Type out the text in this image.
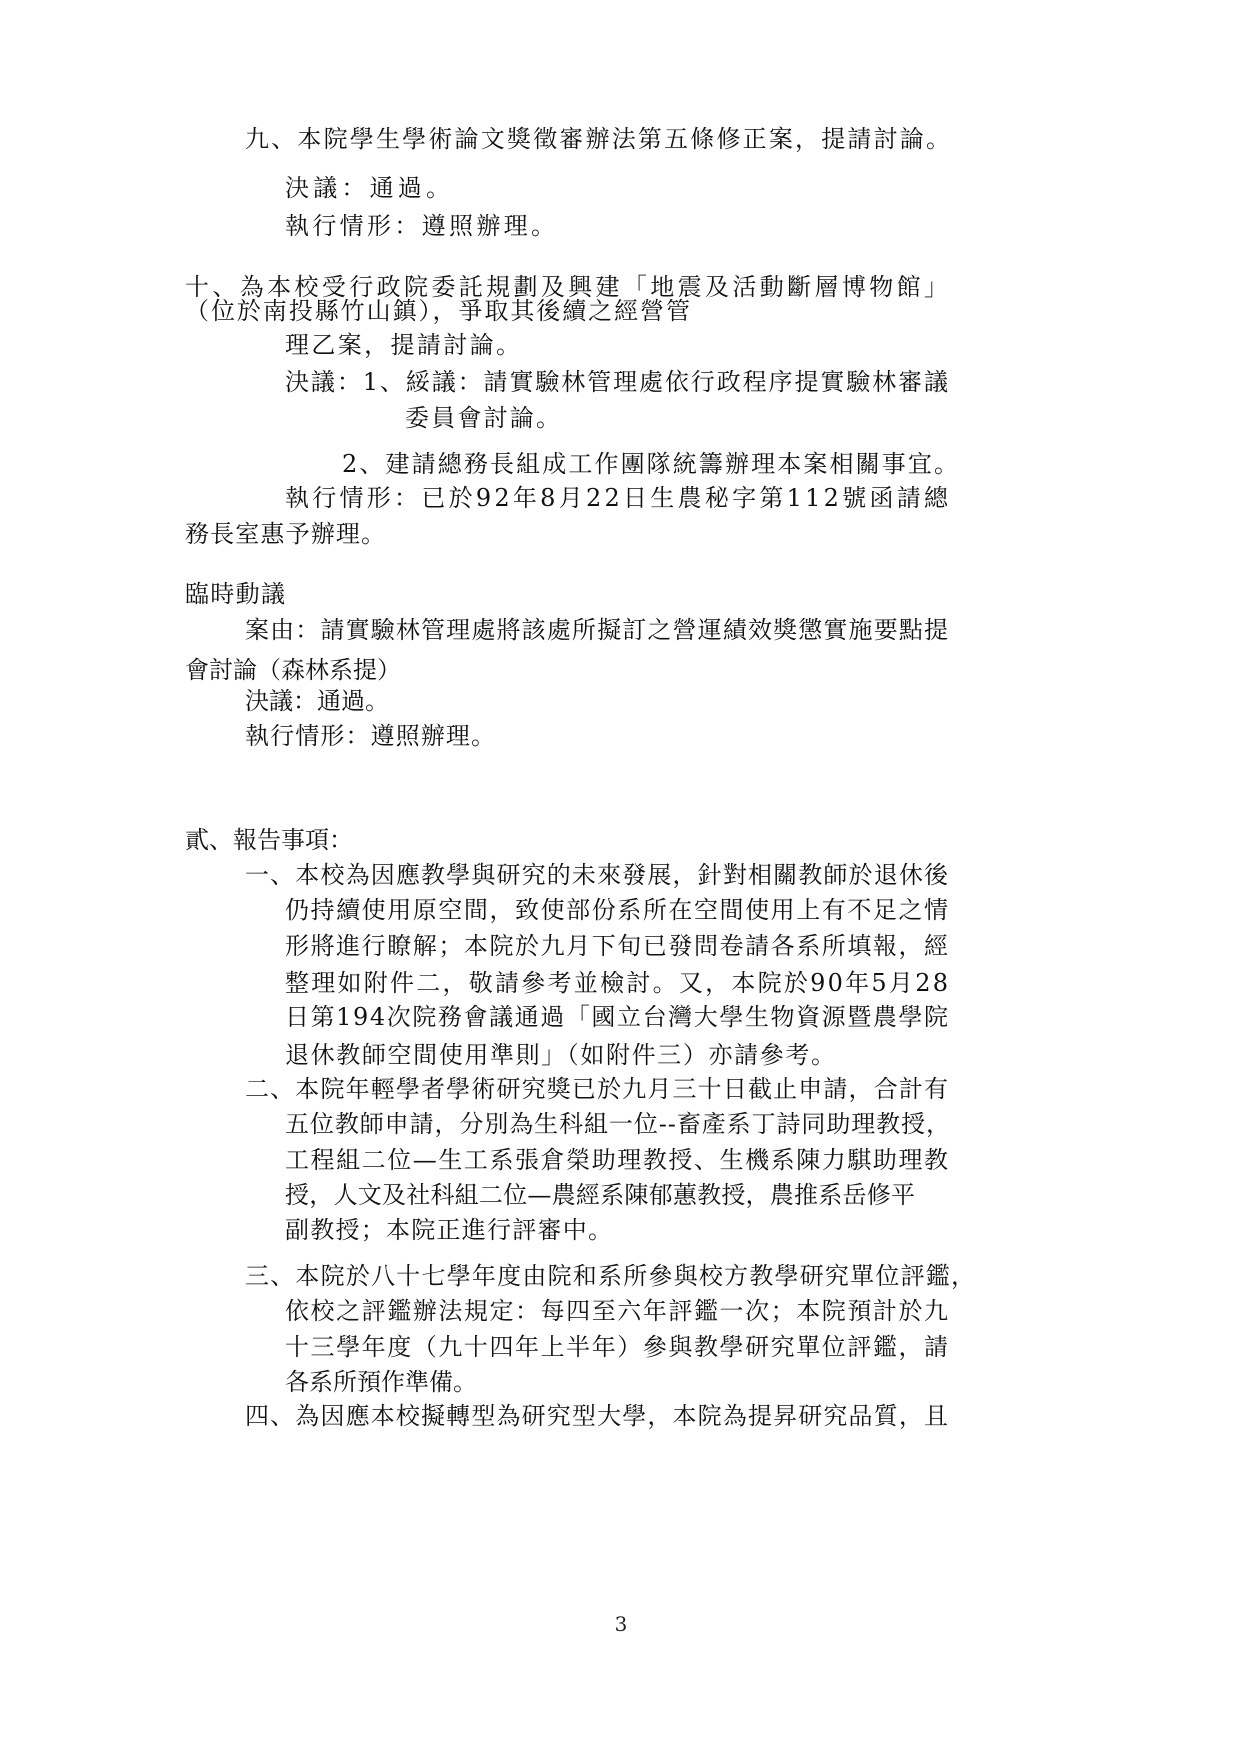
九、本院學生學術論文獎徵審辦法第五條修正案，提請討論。
決議：通過。
執行情形：遵照辦理。
十、為本校受行政院委託規劃及興建「地震及活動斷層博物館」
（位於南投縣竹山鎮），爭取其後續之經營管
理乙案，提請討論。
決議：1、綏議：請實驗林管理處依行政程序提實驗林審議
委員會討論。
2、建請總務長組成工作團隊統籌辦理本案相關事宜。
執行情形：已於92年8月22日生農秘字第112號函請總
務長室惠予辦理。
臨時動議
案由：請實驗林管理處將該處所擬訂之營運績效獎懲實施要點提
會討論（森林系提）
決議：通過。
執行情形：遵照辦理。
貳、報告事項：
一、本校為因應教學與研究的未來發展，針對相關教師於退休後
仍持續使用原空間，致使部份系所在空間使用上有不足之情
形將進行瞭解；本院於九月下旬已發問卷請各系所填報，經
整理如附件二，敬請參考並檢討。又，本院於90年5月28
日第194次院務會議通過「國立台灣大學生物資源暨農學院
退休教師空間使用準則」（如附件三）亦請參考。
二、本院年輕學者學術研究獎已於九月三十日截止申請，合計有
五位教師申請，分別為生科組一位--畜產系丁詩同助理教授，
工程組二位—生工系張倉榮助理教授、生機系陳力騏助理教
授，人文及社科組二位—農經系陳郁蕙教授，農推系岳修平
副教授；本院正進行評審中。
三、本院於八十七學年度由院和系所參與校方教學研究單位評鑑，
依校之評鑑辦法規定：每四至六年評鑑一次；本院預計於九
十三學年度（九十四年上半年）參與教學研究單位評鑑，請
各系所預作準備。
四、為因應本校擬轉型為研究型大學，本院為提昇研究品質，且
3
